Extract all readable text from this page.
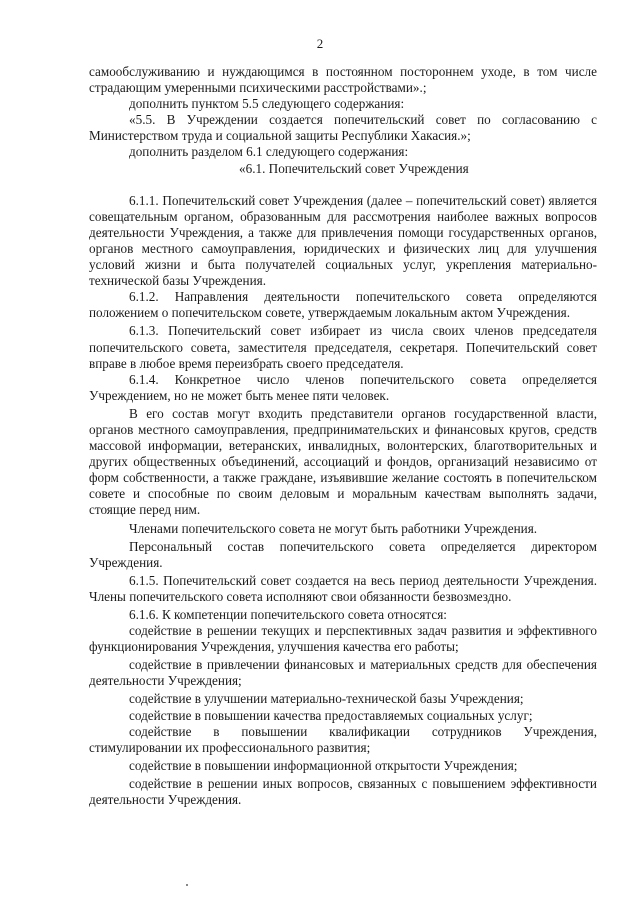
2

самообслуживанию и нуждающимся в постоянном постороннем уходе, в том числе страдающим умеренными психическими расстройствами».;

дополнить пунктом 5.5 следующего содержания:

«5.5. В Учреждении создается попечительский совет по согласованию с Министерством труда и социальной защиты Республики Хакасия.»;

дополнить разделом 6.1 следующего содержания:

«6.1. Попечительский совет Учреждения

6.1.1. Попечительский совет Учреждения (далее – попечительский совет) является совещательным органом, образованным для рассмотрения наиболее важных вопросов деятельности Учреждения, а также для привлечения помощи государственных органов, органов местного самоуправления, юридических и физических лиц для улучшения условий жизни и быта получателей социальных услуг, укрепления материально-технической базы Учреждения.

6.1.2. Направления деятельности попечительского совета определяются положением о попечительском совете, утверждаемым локальным актом Учреждения.

6.1.3. Попечительский совет избирает из числа своих членов председателя попечительского совета, заместителя председателя, секретаря. Попечительский совет вправе в любое время переизбрать своего председателя.

6.1.4. Конкретное число членов попечительского совета определяется Учреждением, но не может быть менее пяти человек.

В его состав могут входить представители органов государственной власти, органов местного самоуправления, предпринимательских и финансовых кругов, средств массовой информации, ветеранских, инвалидных, волонтерских, благотворительных и других общественных объединений, ассоциаций и фондов, организаций независимо от форм собственности, а также граждане, изъявившие желание состоять в попечительском совете и способные по своим деловым и моральным качествам выполнять задачи, стоящие перед ним.

Членами попечительского совета не могут быть работники Учреждения.

Персональный состав попечительского совета определяется директором Учреждения.

6.1.5. Попечительский совет создается на весь период деятельности Учреждения. Члены попечительского совета исполняют свои обязанности безвозмездно.

6.1.6. К компетенции попечительского совета относятся:

содействие в решении текущих и перспективных задач развития и эффективного функционирования Учреждения, улучшения качества его работы;

содействие в привлечении финансовых и материальных средств для обеспечения деятельности Учреждения;

содействие в улучшении материально-технической базы Учреждения;

содействие в повышении качества предоставляемых социальных услуг;

содействие в повышении квалификации сотрудников Учреждения, стимулировании их профессионального развития;

содействие в повышении информационной открытости Учреждения;

содействие в решении иных вопросов, связанных с повышением эффективности деятельности Учреждения.
